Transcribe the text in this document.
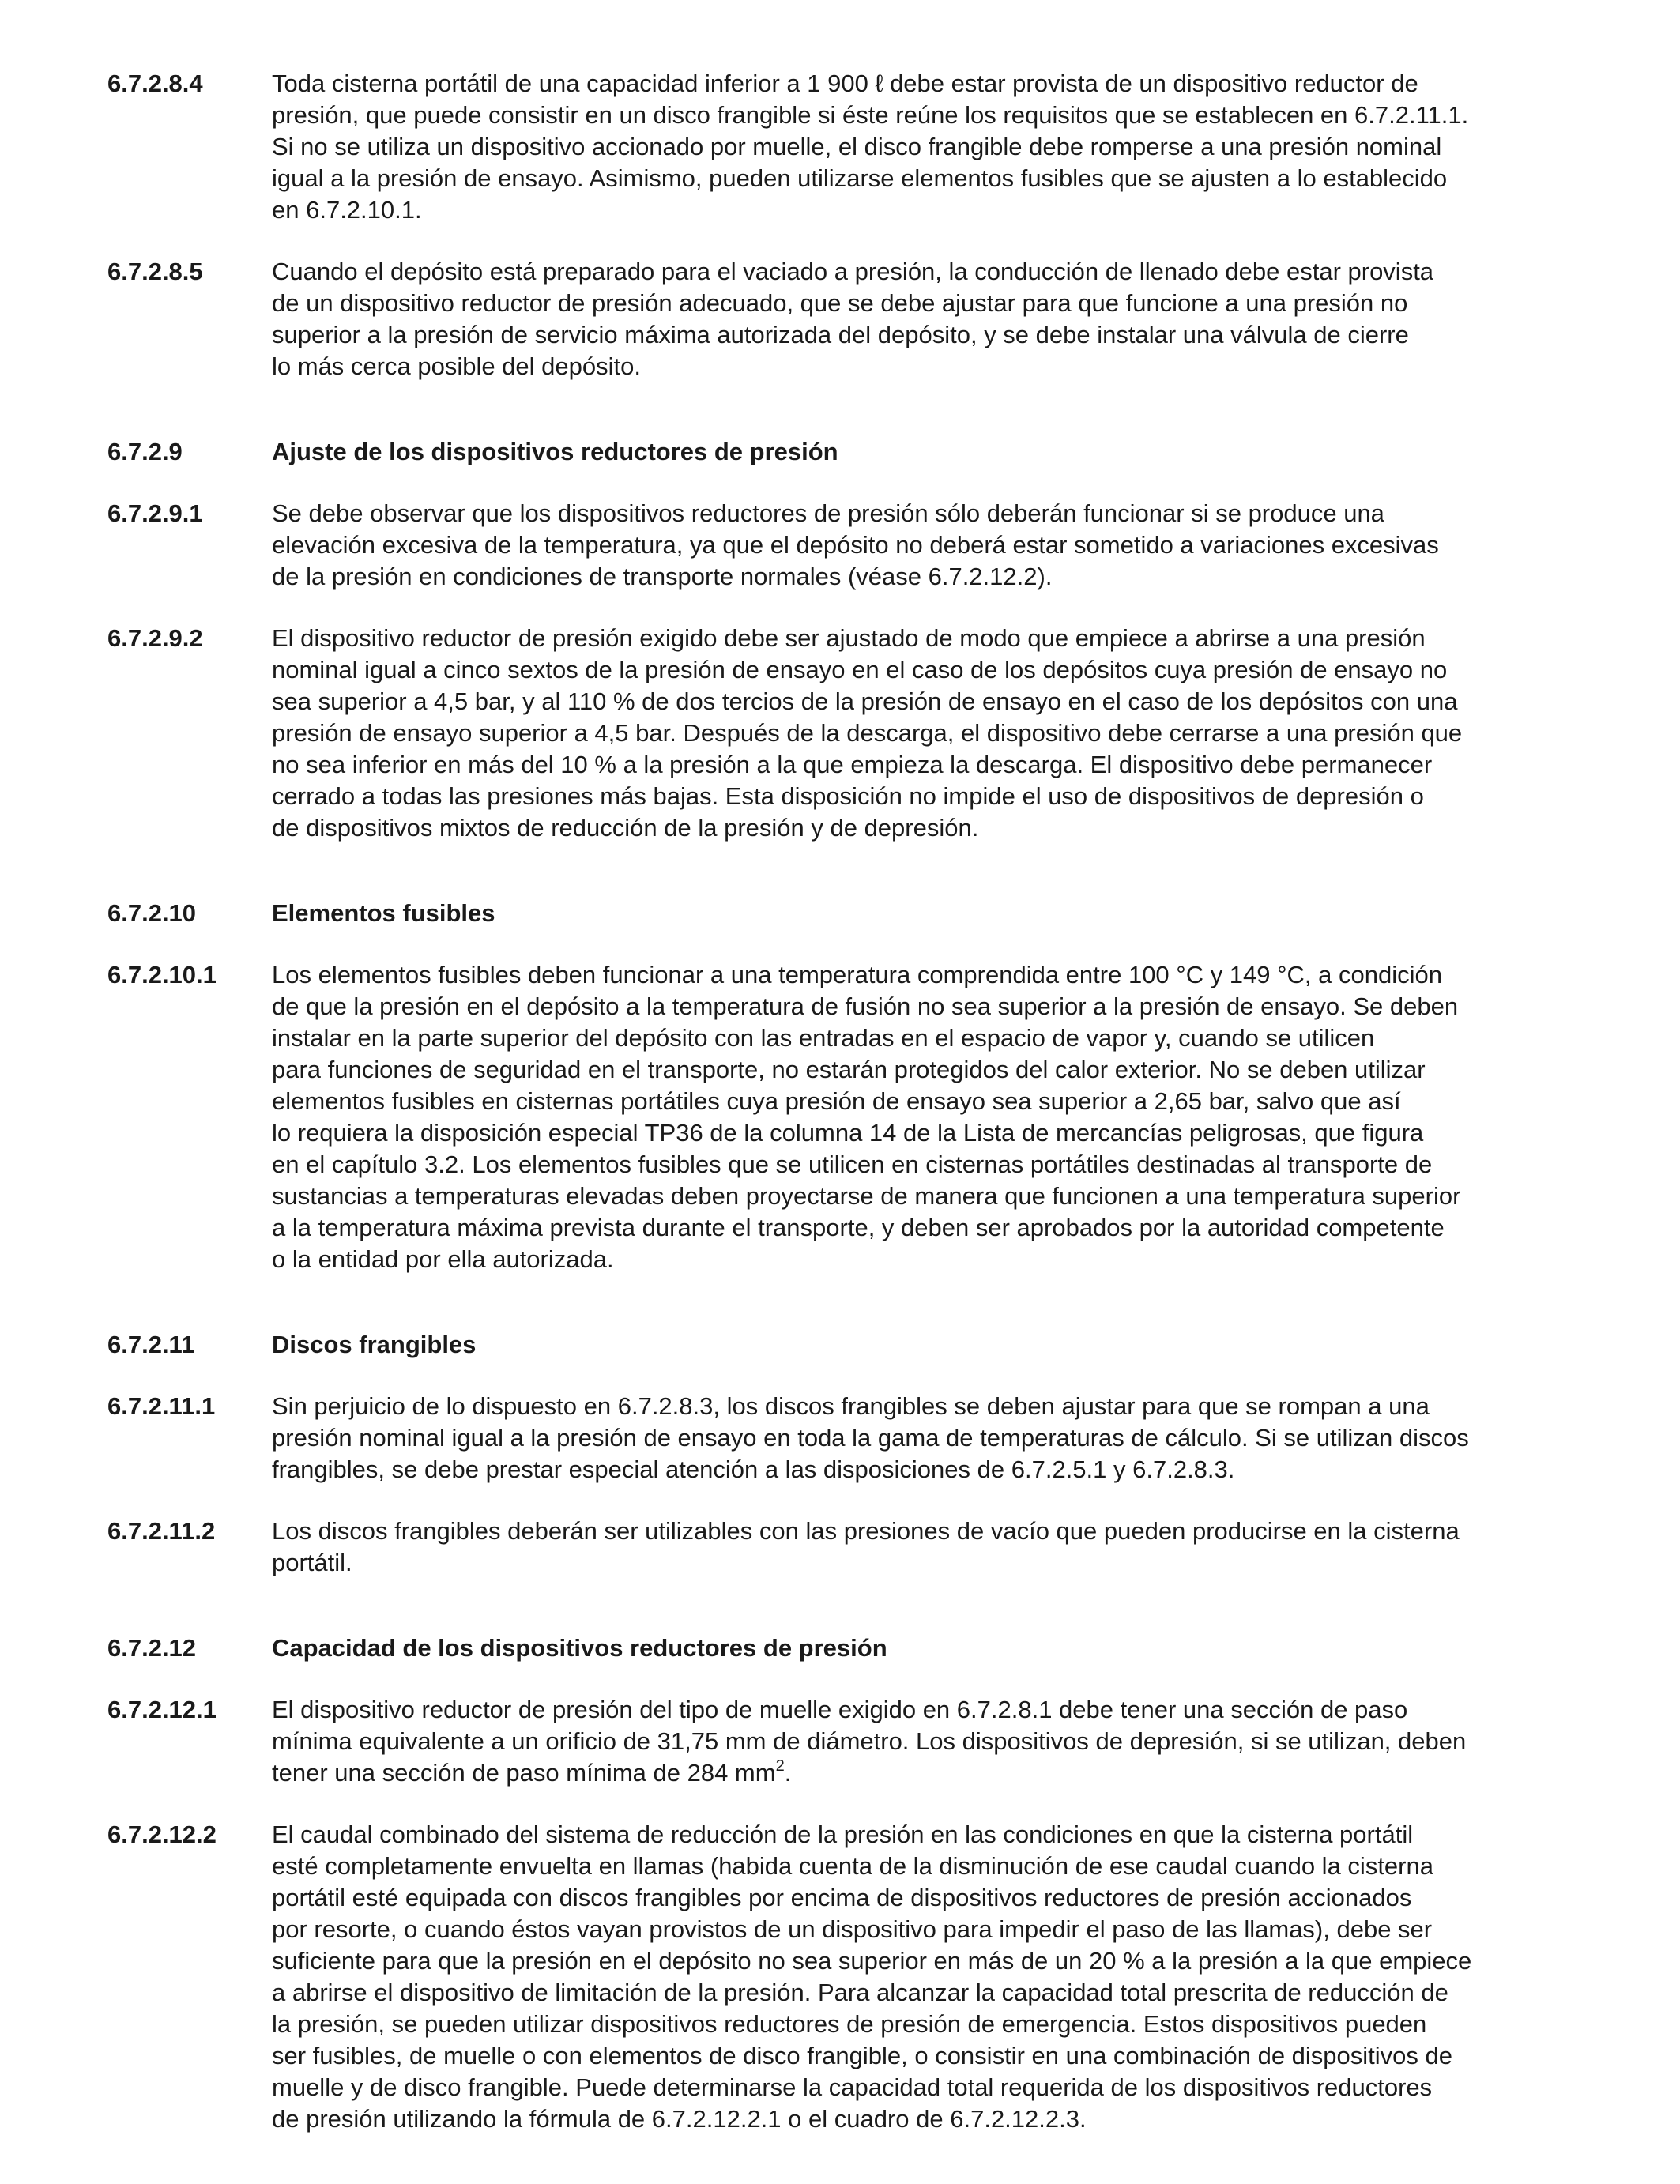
6.7.2.8.4	Toda cisterna portátil de una capacidad inferior a 1 900 ℓ debe estar provista de un dispositivo reductor de
presión, que puede consistir en un disco frangible si éste reúne los requisitos que se establecen en 6.7.2.11.1.
Si no se utiliza un dispositivo accionado por muelle, el disco frangible debe romperse a una presión nominal
igual a la presión de ensayo. Asimismo, pueden utilizarse elementos fusibles que se ajusten a lo establecido
en 6.7.2.10.1.
6.7.2.8.5	Cuando el depósito está preparado para el vaciado a presión, la conducción de llenado debe estar provista
de un dispositivo reductor de presión adecuado, que se debe ajustar para que funcione a una presión no
superior a la presión de servicio máxima autorizada del depósito, y se debe instalar una válvula de cierre
lo más cerca posible del depósito.
6.7.2.9	Ajuste de los dispositivos reductores de presión
6.7.2.9.1	Se debe observar que los dispositivos reductores de presión sólo deberán funcionar si se produce una
elevación excesiva de la temperatura, ya que el depósito no deberá estar sometido a variaciones excesivas
de la presión en condiciones de transporte normales (véase 6.7.2.12.2).
6.7.2.9.2	El dispositivo reductor de presión exigido debe ser ajustado de modo que empiece a abrirse a una presión
nominal igual a cinco sextos de la presión de ensayo en el caso de los depósitos cuya presión de ensayo no
sea superior a 4,5 bar, y al 110 % de dos tercios de la presión de ensayo en el caso de los depósitos con una
presión de ensayo superior a 4,5 bar. Después de la descarga, el dispositivo debe cerrarse a una presión que
no sea inferior en más del 10 % a la presión a la que empieza la descarga. El dispositivo debe permanecer
cerrado a todas las presiones más bajas. Esta disposición no impide el uso de dispositivos de depresión o
de dispositivos mixtos de reducción de la presión y de depresión.
6.7.2.10	Elementos fusibles
6.7.2.10.1	Los elementos fusibles deben funcionar a una temperatura comprendida entre 100 °C y 149 °C, a condición
de que la presión en el depósito a la temperatura de fusión no sea superior a la presión de ensayo. Se deben
instalar en la parte superior del depósito con las entradas en el espacio de vapor y, cuando se utilicen
para funciones de seguridad en el transporte, no estarán protegidos del calor exterior. No se deben utilizar
elementos fusibles en cisternas portátiles cuya presión de ensayo sea superior a 2,65 bar, salvo que así
lo requiera la disposición especial TP36 de la columna 14 de la Lista de mercancías peligrosas, que figura
en el capítulo 3.2. Los elementos fusibles que se utilicen en cisternas portátiles destinadas al transporte de
sustancias a temperaturas elevadas deben proyectarse de manera que funcionen a una temperatura superior
a la temperatura máxima prevista durante el transporte, y deben ser aprobados por la autoridad competente
o la entidad por ella autorizada.
6.7.2.11	Discos frangibles
6.7.2.11.1	Sin perjuicio de lo dispuesto en 6.7.2.8.3, los discos frangibles se deben ajustar para que se rompan a una
presión nominal igual a la presión de ensayo en toda la gama de temperaturas de cálculo. Si se utilizan discos
frangibles, se debe prestar especial atención a las disposiciones de 6.7.2.5.1 y 6.7.2.8.3.
6.7.2.11.2	Los discos frangibles deberán ser utilizables con las presiones de vacío que pueden producirse en la cisterna
portátil.
6.7.2.12	Capacidad de los dispositivos reductores de presión
6.7.2.12.1	El dispositivo reductor de presión del tipo de muelle exigido en 6.7.2.8.1 debe tener una sección de paso
mínima equivalente a un orificio de 31,75 mm de diámetro. Los dispositivos de depresión, si se utilizan, deben
tener una sección de paso mínima de 284 $mm^2$.
6.7.2.12.2	El caudal combinado del sistema de reducción de la presión en las condiciones en que la cisterna portátil
esté completamente envuelta en llamas (habida cuenta de la disminución de ese caudal cuando la cisterna
portátil esté equipada con discos frangibles por encima de dispositivos reductores de presión accionados
por resorte, o cuando éstos vayan provistos de un dispositivo para impedir el paso de las llamas), debe ser
suficiente para que la presión en el depósito no sea superior en más de un 20 % a la presión a la que empiece
a abrirse el dispositivo de limitación de la presión. Para alcanzar la capacidad total prescrita de reducción de
la presión, se pueden utilizar dispositivos reductores de presión de emergencia. Estos dispositivos pueden
ser fusibles, de muelle o con elementos de disco frangible, o consistir en una combinación de dispositivos de
muelle y de disco frangible. Puede determinarse la capacidad total requerida de los dispositivos reductores
de presión utilizando la fórmula de 6.7.2.12.2.1 o el cuadro de 6.7.2.12.2.3.
